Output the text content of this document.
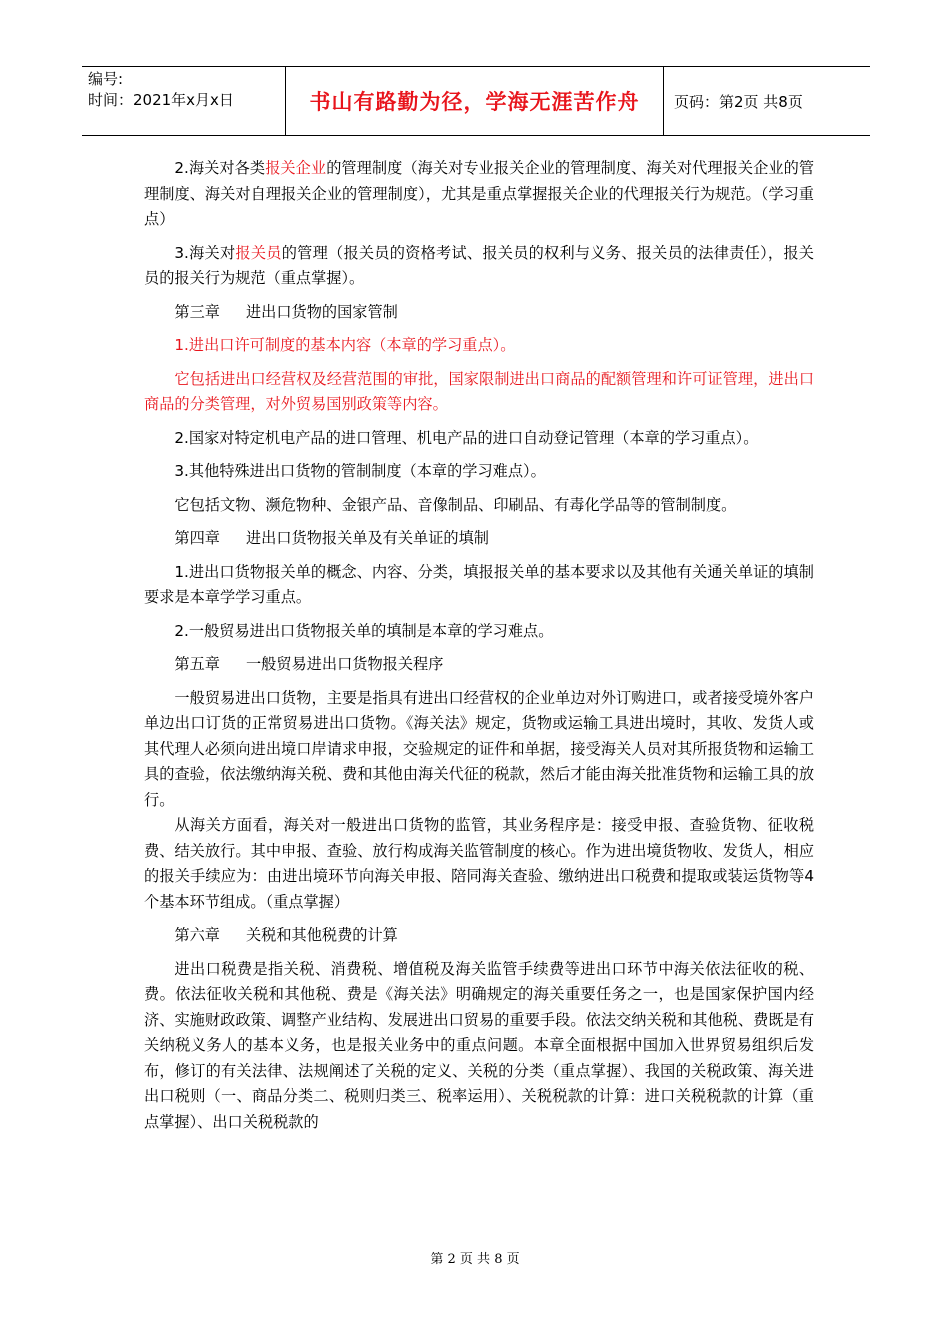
编号:
时间：2021年x月x日	书山有路勤为径，学海无涯苦作舟	页码：第2页 共8页

2.海关对各类报关企业的管理制度（海关对专业报关企业的管理制度、海关对代理报关企业的管理制度、海关对自理报关企业的管理制度），尤其是重点掌握报关企业的代理报关行为规范。（学习重点）

3.海关对报关员的管理（报关员的资格考试、报关员的权利与义务、报关员的法律责任），报关员的报关行为规范（重点掌握）。

第三章 进出口货物的国家管制

1.进出口许可制度的基本内容（本章的学习重点）。

它包括进出口经营权及经营范围的审批，国家限制进出口商品的配额管理和许可证管理，进出口商品的分类管理，对外贸易国别政策等内容。

2.国家对特定机电产品的进口管理、机电产品的进口自动登记管理（本章的学习重点）。

3.其他特殊进出口货物的管制制度（本章的学习难点）。

它包括文物、濒危物种、金银产品、音像制品、印刷品、有毒化学品等的管制制度。

第四章 进出口货物报关单及有关单证的填制

1.进出口货物报关单的概念、内容、分类，填报报关单的基本要求以及其他有关通关单证的填制要求是本章学学习重点。

2.一般贸易进出口货物报关单的填制是本章的学习难点。

第五章 一般贸易进出口货物报关程序

一般贸易进出口货物，主要是指具有进出口经营权的企业单边对外订购进口，或者接受境外客户单边出口订货的正常贸易进出口货物。《海关法》规定，货物或运输工具进出境时，其收、发货人或其代理人必须向进出境口岸请求申报，交验规定的证件和单据，接受海关人员对其所报货物和运输工具的查验，依法缴纳海关税、费和其他由海关代征的税款，然后才能由海关批准货物和运输工具的放行。

从海关方面看，海关对一般进出口货物的监管，其业务程序是：接受申报、查验货物、征收税费、结关放行。其中申报、查验、放行构成海关监管制度的核心。作为进出境货物收、发货人，相应的报关手续应为：由进出境环节向海关申报、陪同海关查验、缴纳进出口税费和提取或装运货物等4个基本环节组成。（重点掌握）

第六章 关税和其他税费的计算

进出口税费是指关税、消费税、增值税及海关监管手续费等进出口环节中海关依法征收的税、费。依法征收关税和其他税、费是《海关法》明确规定的海关重要任务之一，也是国家保护国内经济、实施财政政策、调整产业结构、发展进出口贸易的重要手段。依法交纳关税和其他税、费既是有关纳税义务人的基本义务，也是报关业务中的重点问题。本章全面根据中国加入世界贸易组织后发布，修订的有关法律、法规阐述了关税的定义、关税的分类（重点掌握）、我国的关税政策、海关进出口税则（一、商品分类二、税则归类三、税率运用）、关税税款的计算：进口关税税款的计算（重点掌握）、出口关税税款的

第 2 页 共 8 页
